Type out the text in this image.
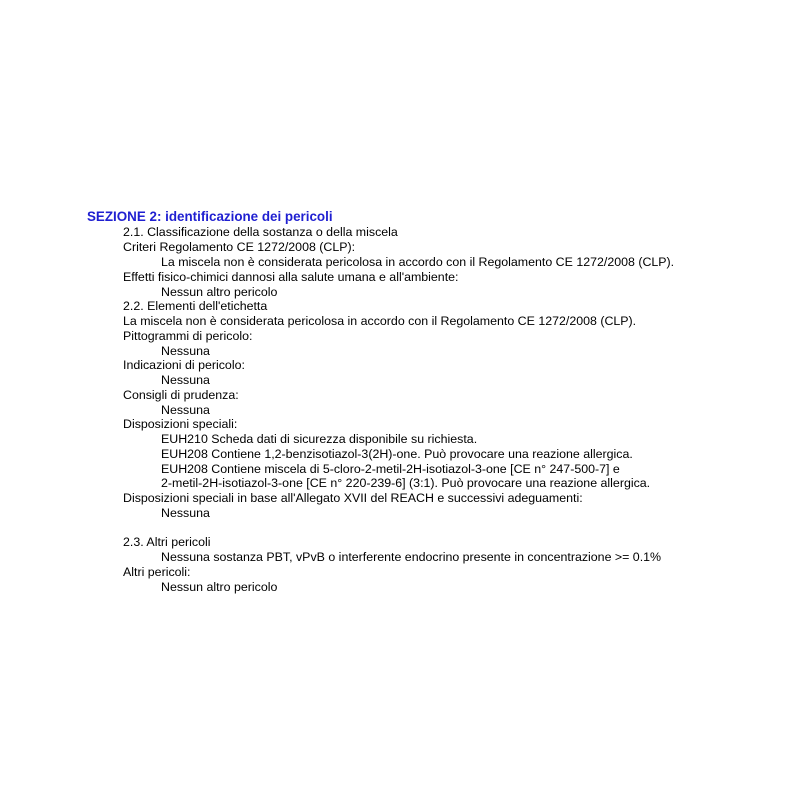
SEZIONE 2: identificazione dei pericoli
2.1. Classificazione della sostanza o della miscela
Criteri Regolamento CE 1272/2008 (CLP):
La miscela non è considerata pericolosa in accordo con il Regolamento CE 1272/2008 (CLP).
Effetti fisico-chimici dannosi alla salute umana e all'ambiente:
Nessun altro pericolo
2.2. Elementi dell'etichetta
La miscela non è considerata pericolosa in accordo con il Regolamento CE 1272/2008 (CLP).
Pittogrammi di pericolo:
Nessuna
Indicazioni di pericolo:
Nessuna
Consigli di prudenza:
Nessuna
Disposizioni speciali:
EUH210 Scheda dati di sicurezza disponibile su richiesta.
EUH208 Contiene 1,2-benzisotiazol-3(2H)-one. Può provocare una reazione allergica.
EUH208 Contiene miscela di 5-cloro-2-metil-2H-isotiazol-3-one [CE n° 247-500-7] e
2-metil-2H-isotiazol-3-one [CE n° 220-239-6] (3:1). Può provocare una reazione allergica.
Disposizioni speciali in base all'Allegato XVII del REACH e successivi adeguamenti:
Nessuna
2.3. Altri pericoli
Nessuna sostanza PBT, vPvB o interferente endocrino presente in concentrazione >= 0.1%
Altri pericoli:
Nessun altro pericolo
